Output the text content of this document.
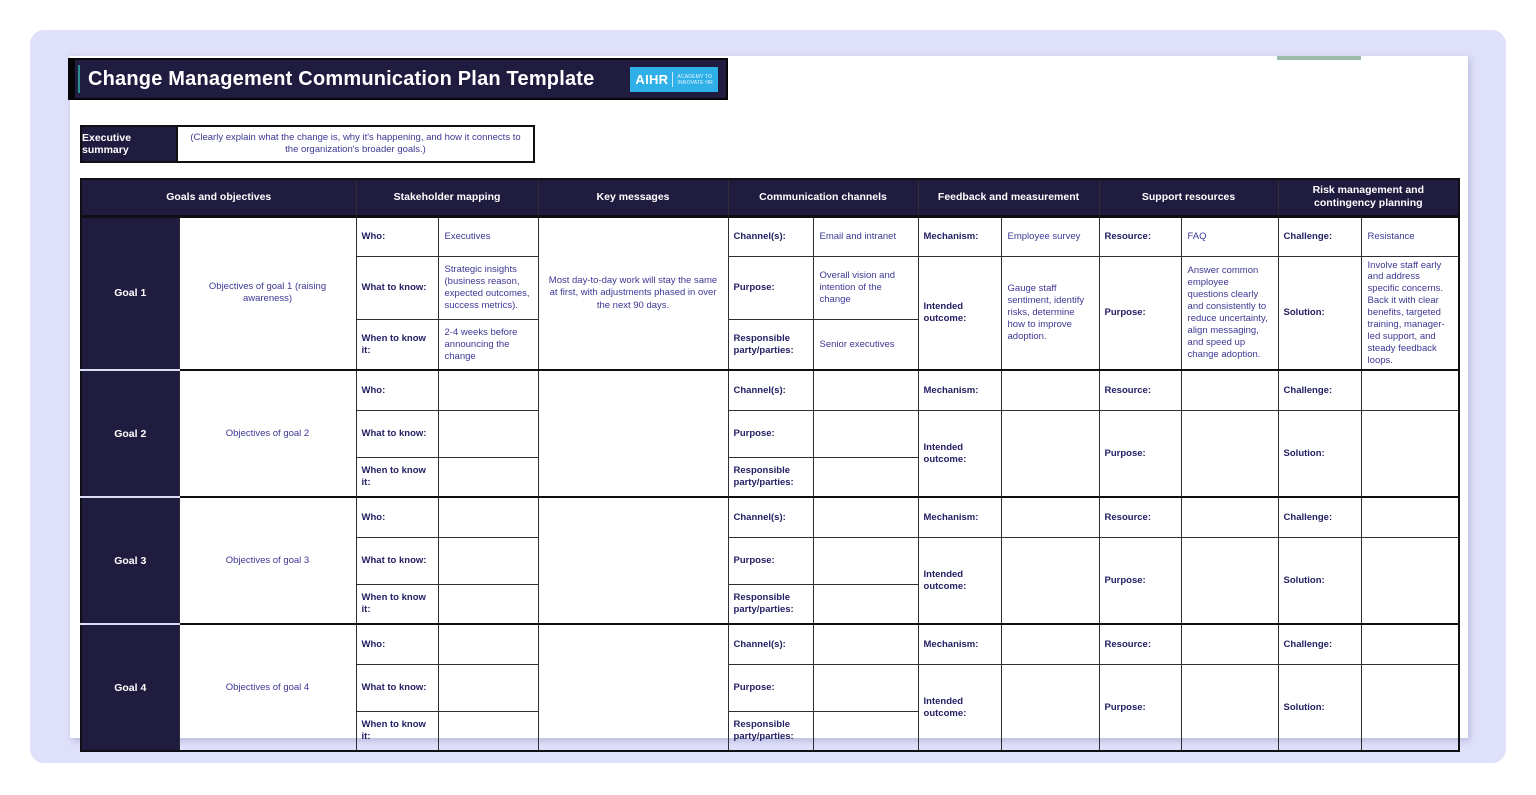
Change Management Communication Plan Template	AIHR ACADEMY TO
INNOVATE HR
Executive summary
(Clearly explain what the change is, why it's happening, and how it connects to the organization's broader goals.)
Goals and objectives		Stakeholder mapping		Key messages	Communication channels		Feedback and measurement		Support resources		Risk management and contingency planning	
Goal 1	Objectives of goal 1 (raising awareness)	Who:	Executives	Most day-to-day work will stay the same at first, with adjustments phased in over the next 90 days.	Channel(s):	Email and intranet	Mechanism:	Employee survey	Resource:	FAQ	Challenge:	Resistance
		What to know:	Strategic insights (business reason, expected outcomes, success metrics).		Purpose:	Overall vision and intention of the change	Intended outcome:	Gauge staff sentiment, identify risks, determine how to improve adoption.	Purpose:	Answer common employee questions clearly and consistently to reduce uncertainty, align messaging, and speed up change adoption.	Solution:	Involve staff early and address specific concerns. Back it with clear benefits, targeted training, manager-led support, and steady feedback loops.
		When to know it:	2-4 weeks before announcing the change		Responsible party/parties:	Senior executives						
Goal 2	Objectives of goal 2	Who:			Channel(s):		Mechanism:		Resource:		Challenge:	
		What to know:			Purpose:		Intended outcome:		Purpose:		Solution:	
		When to know it:			Responsible party/parties:							
Goal 3	Objectives of goal 3	Who:			Channel(s):		Mechanism:		Resource:		Challenge:	
		What to know:			Purpose:		Intended outcome:		Purpose:		Solution:	
		When to know it:			Responsible party/parties:							
Goal 4	Objectives of goal 4	Who:			Channel(s):		Mechanism:		Resource:		Challenge:	
		What to know:			Purpose:		Intended outcome:		Purpose:		Solution:	
		When to know it:			Responsible party/parties:							
